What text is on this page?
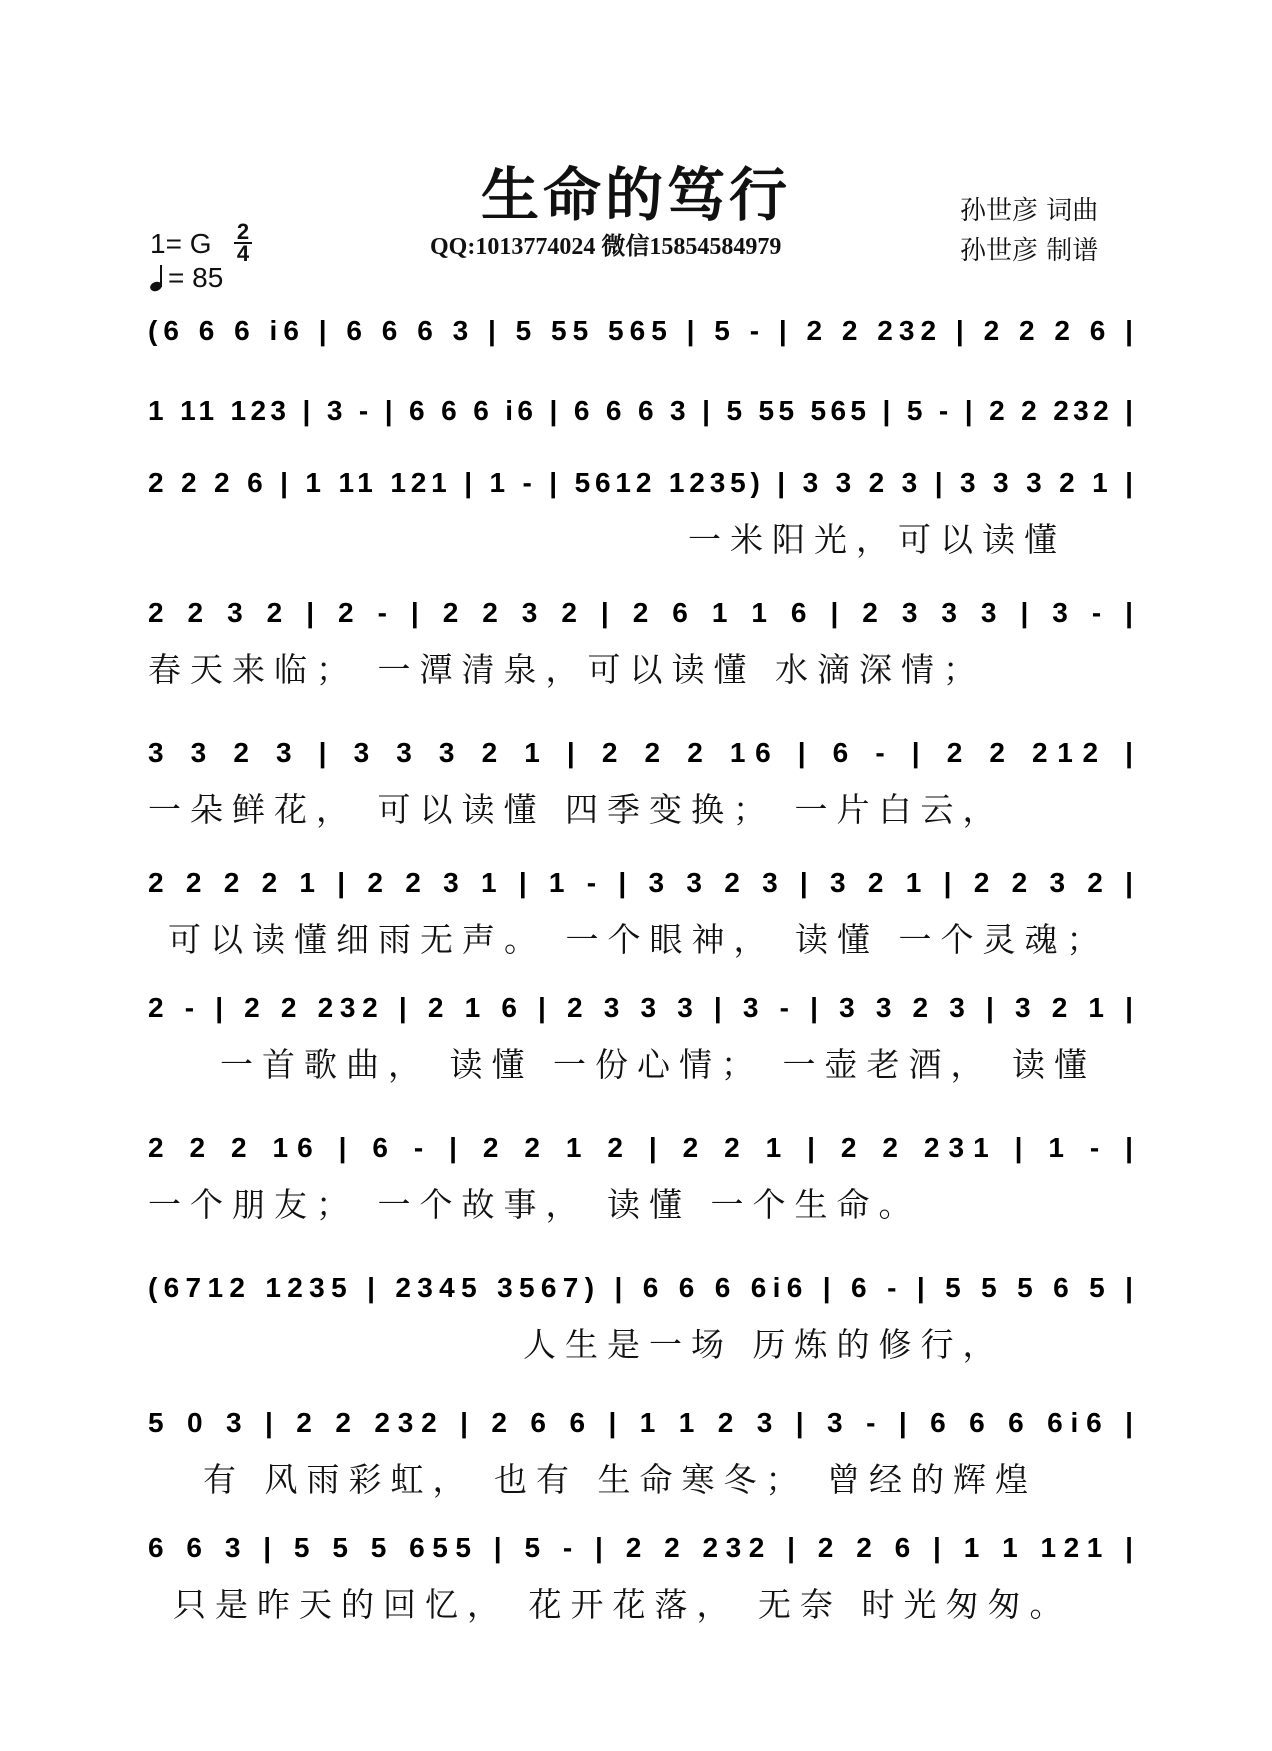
生命的笃行
QQ:1013774024 微信15854584979
孙世彦 词曲
孙世彦 制谱
1= G 2
4
= 85
(6 6 6 i6 | 6 6 6 3 | 5 55 565 | 5 - | 2 2 232 | 2 2 2 6 |
1 11 123 | 3 - | 6 6 6 i6 | 6 6 6 3 | 5 55 565 | 5 - | 2 2 232 |
2 2 2 6 | 1 11 121 | 1 - | 5612 1235) | 3 3 2 3 | 3 3 3 2 1 |
一米阳光，可以读懂
2 2 3 2 | 2 - | 2 2 3 2 | 2 6 1 1 6 | 2 3 3 3 | 3 - |
春天来临； 一潭清泉，可以读懂 水滴深情；
3 3 2 3 | 3 3 3 2 1 | 2 2 2 16 | 6 - | 2 2 212 |
一朵鲜花， 可以读懂 四季变换； 一片白云，
2 2 2 2 1 | 2 2 3 1 | 1 - | 3 3 2 3 | 3 2 1 | 2 2 3 2 |
可以读懂细雨无声。 一个眼神， 读懂 一个灵魂；
2 - | 2 2 232 | 2 1 6 | 2 3 3 3 | 3 - | 3 3 2 3 | 3 2 1 |
一首歌曲， 读懂 一份心情； 一壶老酒， 读懂
2 2 2 16 | 6 - | 2 2 1 2 | 2 2 1 | 2 2 231 | 1 - |
一个朋友； 一个故事， 读懂 一个生命。
(6712 1235 | 2345 3567) | 6 6 6 6i6 | 6 - | 5 5 5 6 5 |
人生是一场 历炼的修行，
5 0 3 | 2 2 232 | 2 6 6 | 1 1 2 3 | 3 - | 6 6 6 6i6 |
有 风雨彩虹， 也有 生命寒冬； 曾经的辉煌
6 6 3 | 5 5 5 655 | 5 - | 2 2 232 | 2 2 6 | 1 1 121 |
只是昨天的回忆， 花开花落， 无奈 时光匆匆。
